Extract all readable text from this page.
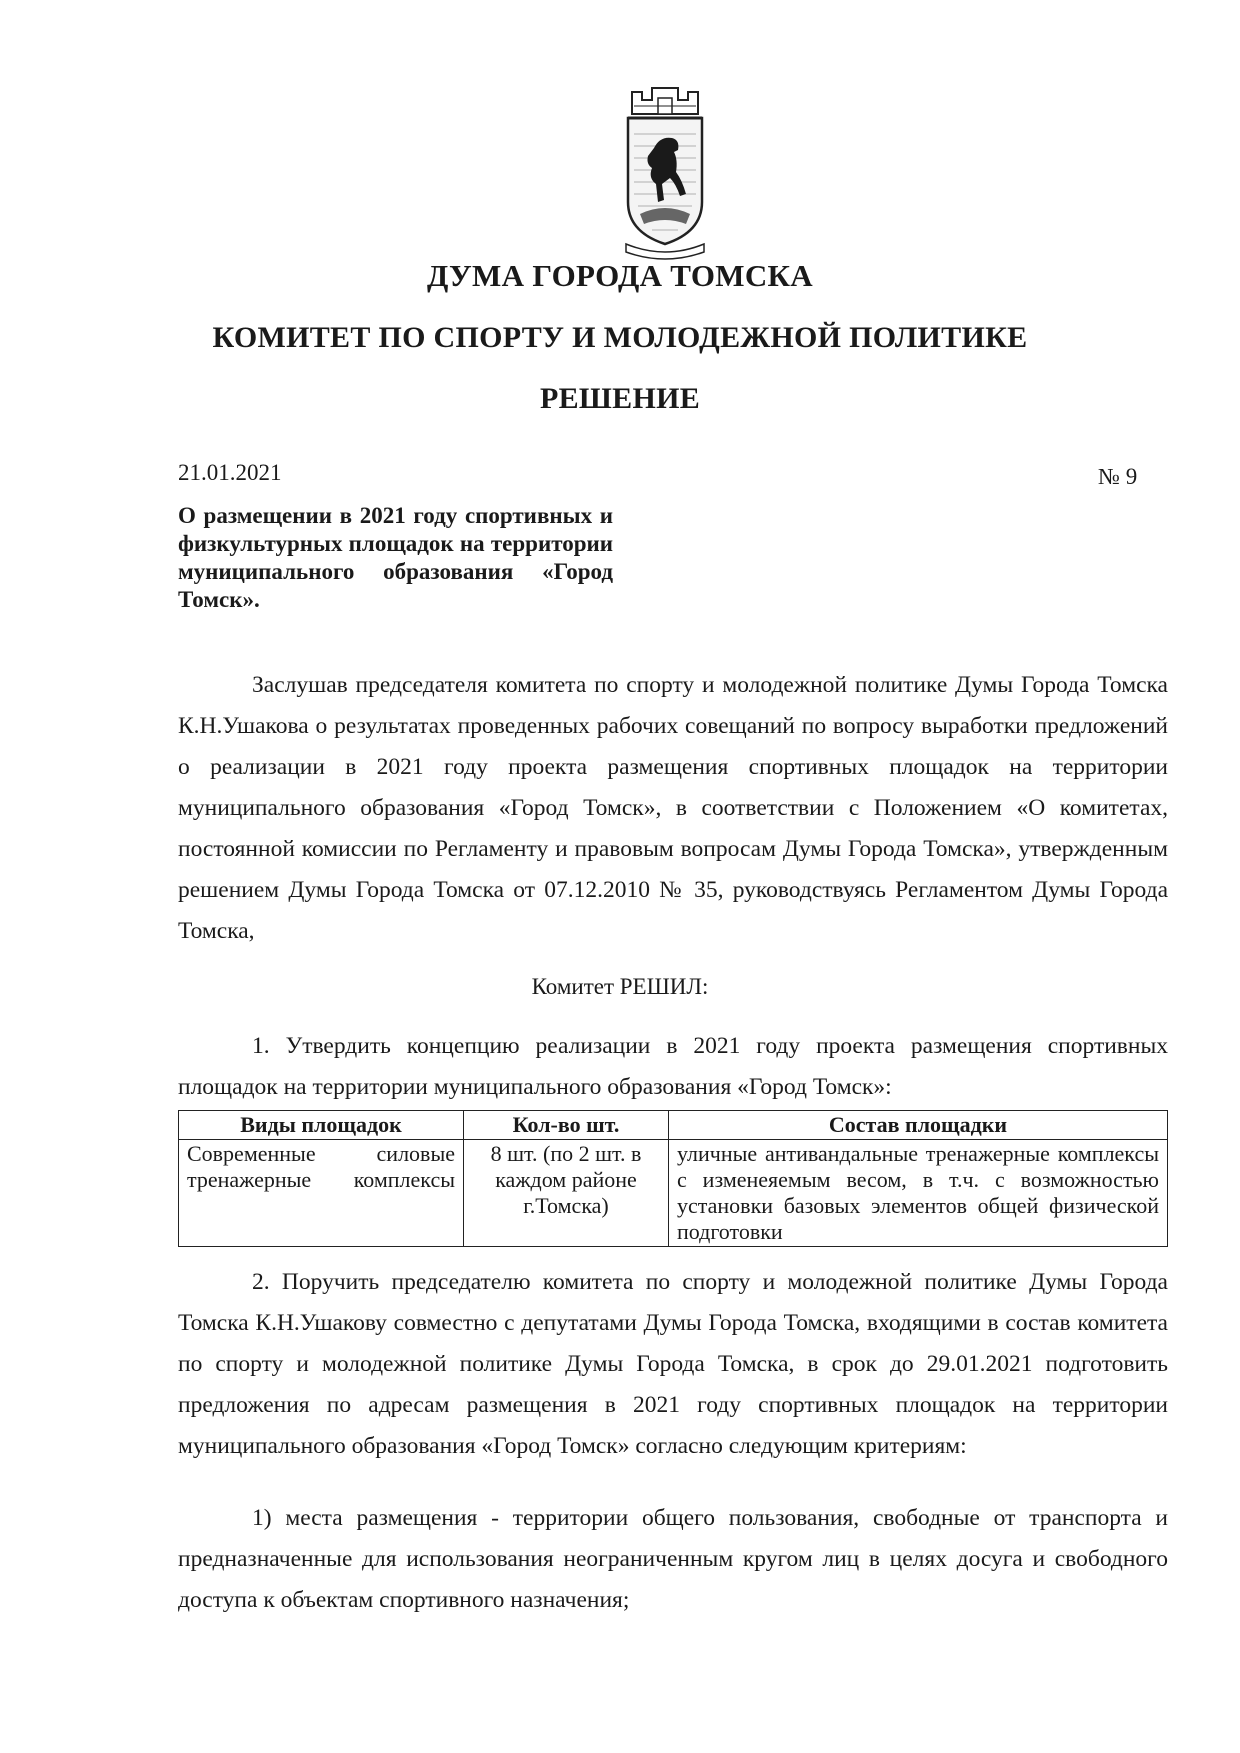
ДУМА ГОРОДА ТОМСКА
КОМИТЕТ ПО СПОРТУ И МОЛОДЕЖНОЙ ПОЛИТИКЕ
РЕШЕНИЕ
21.01.2021	№ 9
О размещении в 2021 году спортивных и физкультурных площадок на территории муниципального образования «Город Томск».
Заслушав председателя комитета по спорту и молодежной политике Думы Города Томска К.Н.Ушакова о результатах проведенных рабочих совещаний по вопросу выработки предложений о реализации в 2021 году проекта размещения спортивных площадок на территории муниципального образования «Город Томск», в соответствии с Положением «О комитетах, постоянной комиссии по Регламенту и правовым вопросам Думы Города Томска», утвержденным решением Думы Города Томска от 07.12.2010 № 35, руководствуясь Регламентом Думы Города Томска,
Комитет РЕШИЛ:
1. Утвердить концепцию реализации в 2021 году проекта размещения спортивных площадок на территории муниципального образования «Город Томск»:
Виды площадок	Кол-во шт.	Состав площадки
Современные силовые тренажерные комплексы	8 шт. (по 2 шт. в каждом районе г.Томска)	уличные антивандальные тренажерные комплексы с изменеяемым весом, в т.ч. с возможностью установки базовых элементов общей физической подготовки
2. Поручить председателю комитета по спорту и молодежной политике Думы Города Томска К.Н.Ушакову совместно с депутатами Думы Города Томска, входящими в состав комитета по спорту и молодежной политике Думы Города Томска, в срок до 29.01.2021 подготовить предложения по адресам размещения в 2021 году спортивных площадок на территории муниципального образования «Город Томск» согласно следующим критериям:
1) места размещения - территории общего пользования, свободные от транспорта и предназначенные для использования неограниченным кругом лиц в целях досуга и свободного доступа к объектам спортивного назначения;
